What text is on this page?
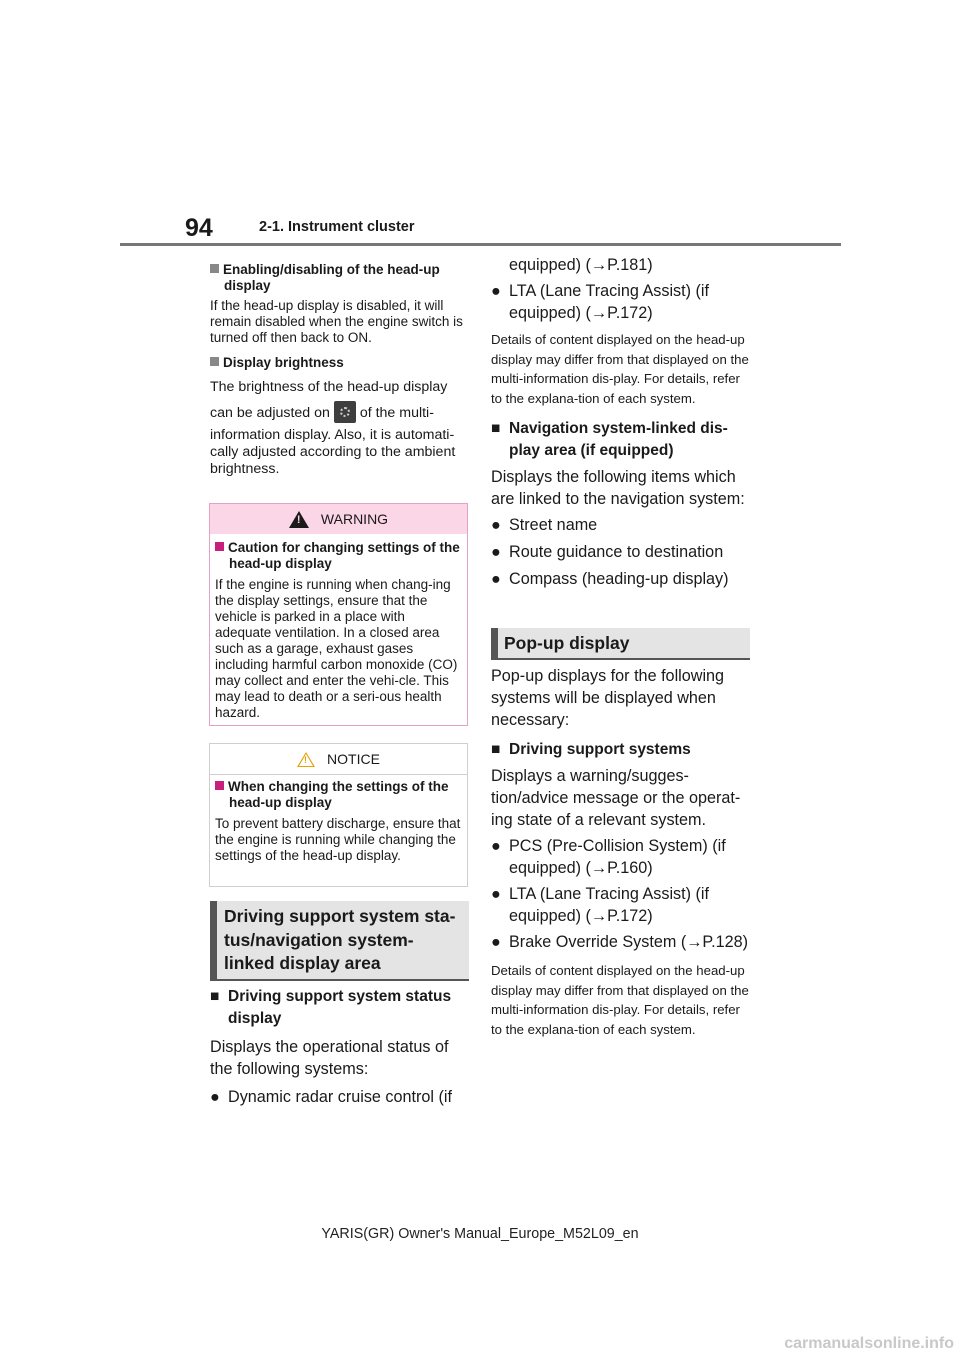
94	2-1. Instrument cluster
Enabling/disabling of the head-up display
If the head-up display is disabled, it will remain disabled when the engine switch is turned off then back to ON.
Display brightness
The brightness of the head-up display
can be adjusted on of the multi-
information display. Also, it is automati-cally adjusted according to the ambient brightness.
!
WARNING
Caution for changing settings of the head-up display
If the engine is running when chang-ing the display settings, ensure that the vehicle is parked in a place with adequate ventilation. In a closed area such as a garage, exhaust gases including harmful carbon monoxide (CO) may collect and enter the vehi-cle. This may lead to death or a seri-ous health hazard.
!
NOTICE
When changing the settings of the head-up display
To prevent battery discharge, ensure that the engine is running while changing the settings of the head-up display.
Driving support system sta-
tus/navigation system-
linked display area
■ Driving support system status display
Displays the operational status of the following systems:
● Dynamic radar cruise control (if
equipped) (→P.181)
● LTA (Lane Tracing Assist) (if equipped) (→P.172)
Details of content displayed on the head-up display may differ from that displayed on the multi-information dis-play. For details, refer to the explana-tion of each system.
■ Navigation system-linked dis-play area (if equipped)
Displays the following items which are linked to the navigation system:
● Street name
● Route guidance to destination
● Compass (heading-up display)
Pop-up display
Pop-up displays for the following systems will be displayed when necessary:
■ Driving support systems
Displays a warning/sugges-tion/advice message or the operat-ing state of a relevant system.
● PCS (Pre-Collision System) (if equipped) (→P.160)
● LTA (Lane Tracing Assist) (if equipped) (→P.172)
● Brake Override System (→P.128)
Details of content displayed on the head-up display may differ from that displayed on the multi-information dis-play. For details, refer to the explana-tion of each system.
YARIS(GR) Owner's Manual_Europe_M52L09_en
carmanualsonline.info
